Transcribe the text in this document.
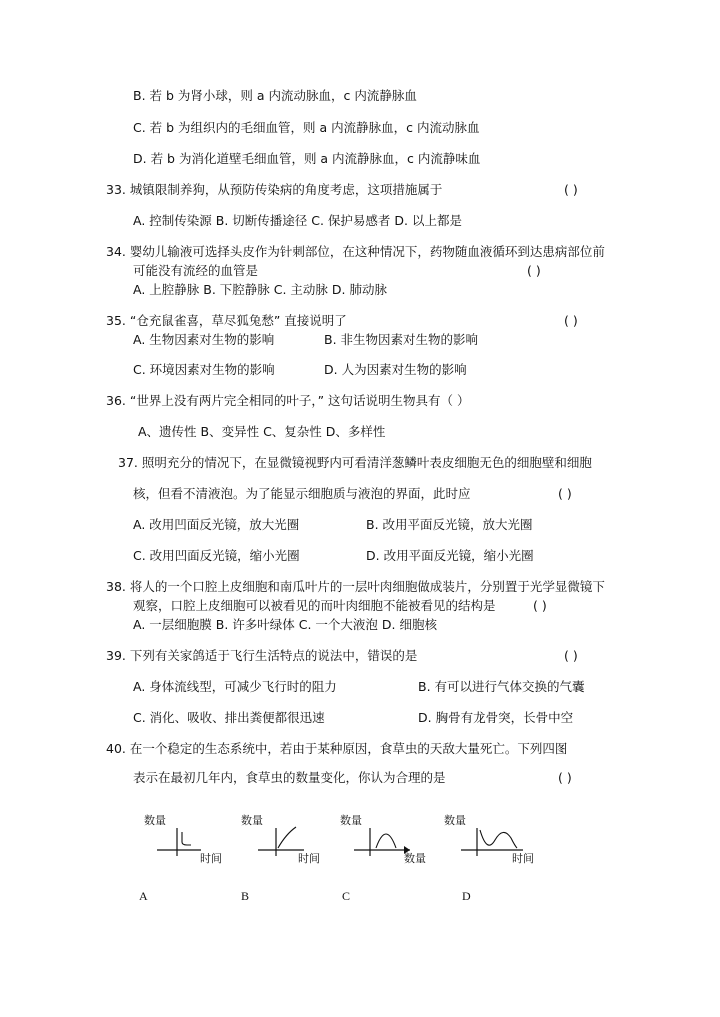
B. 若 b 为肾小球，则 a 内流动脉血，c 内流静脉血
C. 若 b 为组织内的毛细血管，则 a 内流静脉血，c 内流动脉血
D. 若 b 为消化道壁毛细血管，则 a 内流静脉血，c 内流静味血
33. 城镇限制养狗，从预防传染病的角度考虑，这项措施属于	( )
A. 控制传染源 B. 切断传播途径 C. 保护易感者 D. 以上都是
34. 婴幼儿输液可选择头皮作为针刺部位，在这种情况下，药物随血液循环到达患病部位前
可能没有流经的血管是	( )
A. 上腔静脉 B. 下腔静脉 C. 主动脉 D. 肺动脉
35. “仓充鼠雀喜，草尽狐兔愁” 直接说明了	( )
A. 生物因素对生物的影响	B. 非生物因素对生物的影响
C. 环境因素对生物的影响	D. 人为因素对生物的影响
36. “世界上没有两片完全相同的叶子，” 这句话说明生物具有（ ）
A、遗传性 B、变异性 C、复杂性 D、多样性
37. 照明充分的情况下，在显微镜视野内可看清洋葱鳞叶表皮细胞无色的细胞壁和细胞
核，但看不清液泡。为了能显示细胞质与液泡的界面，此时应	( )
A. 改用凹面反光镜，放大光圈	B. 改用平面反光镜，放大光圈
C. 改用凹面反光镜，缩小光圈	D. 改用平面反光镜，缩小光圈
38. 将人的一个口腔上皮细胞和南瓜叶片的一层叶肉细胞做成装片，分别置于光学显微镜下
观察，口腔上皮细胞可以被看见的而叶肉细胞不能被看见的结构是	( )
A. 一层细胞膜 B. 许多叶绿体 C. 一个大液泡 D. 细胞核
39. 下列有关家鸽适于飞行生活特点的说法中，错误的是	( )
A. 身体流线型，可减少飞行时的阻力	B. 有可以进行气体交换的气囊
C. 消化、吸收、排出粪便都很迅速	D. 胸骨有龙骨突，长骨中空
40. 在一个稳定的生态系统中，若由于某种原因，食草虫的天敌大量死亡。下列四图
表示在最初几年内，食草虫的数量变化，你认为合理的是	( )
数量
时间
A
数量
时间
B
数量
数量
C
数量
时间
D
